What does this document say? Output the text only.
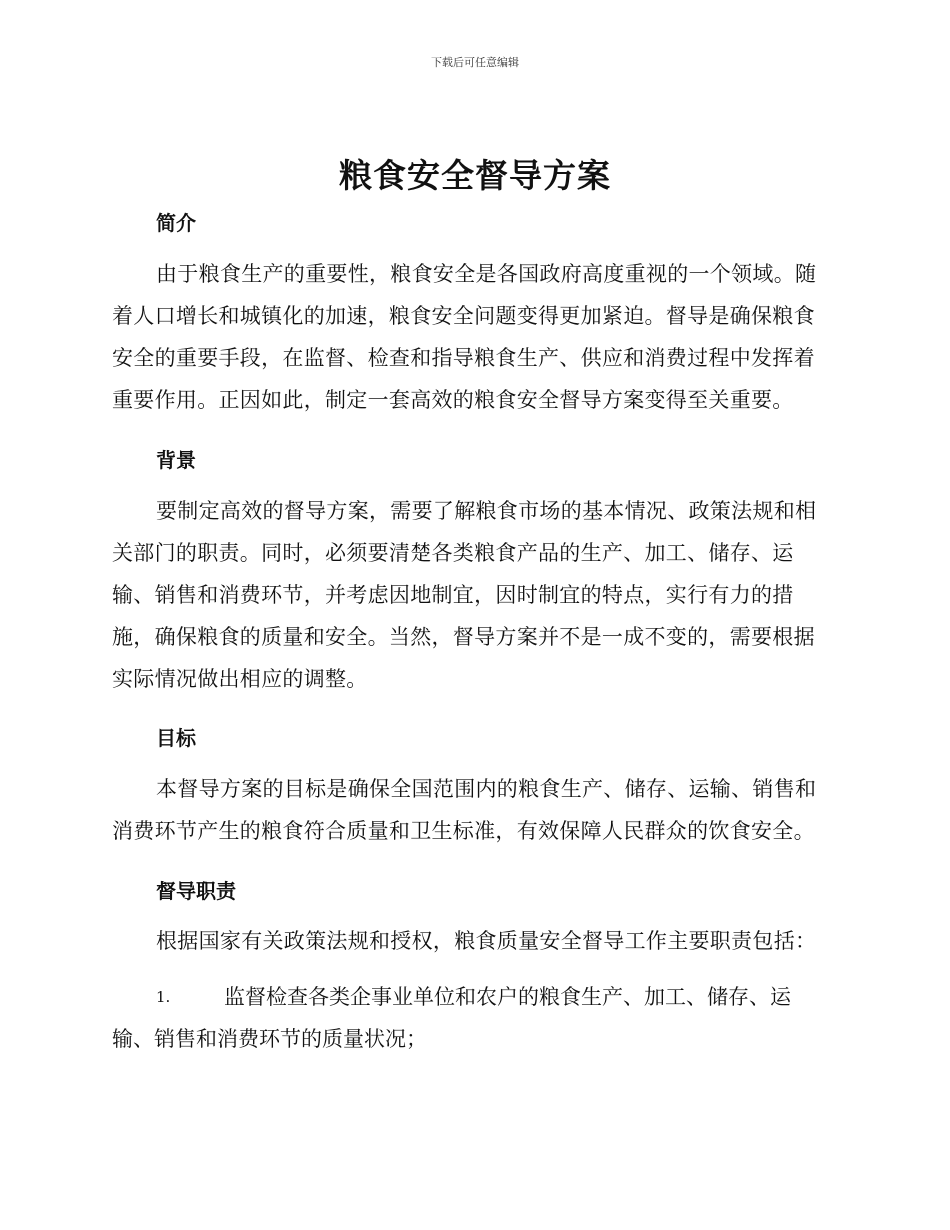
下载后可任意编辑
粮食安全督导方案
简介

由于粮食生产的重要性，粮食安全是各国政府高度重视的一个领域。随着人口增长和城镇化的加速，粮食安全问题变得更加紧迫。督导是确保粮食安全的重要手段，在监督、检查和指导粮食生产、供应和消费过程中发挥着重要作用。正因如此，制定一套高效的粮食安全督导方案变得至关重要。

背景

要制定高效的督导方案，需要了解粮食市场的基本情况、政策法规和相关部门的职责。同时，必须要清楚各类粮食产品的生产、加工、储存、运输、销售和消费环节，并考虑因地制宜，因时制宜的特点，实行有力的措施，确保粮食的质量和安全。当然，督导方案并不是一成不变的，需要根据实际情况做出相应的调整。

目标

本督导方案的目标是确保全国范围内的粮食生产、储存、运输、销售和消费环节产生的粮食符合质量和卫生标准，有效保障人民群众的饮食安全。

督导职责

根据国家有关政策法规和授权，粮食质量安全督导工作主要职责包括：

1.	监督检查各类企事业单位和农户的粮食生产、加工、储存、运输、销售和消费环节的质量状况；
